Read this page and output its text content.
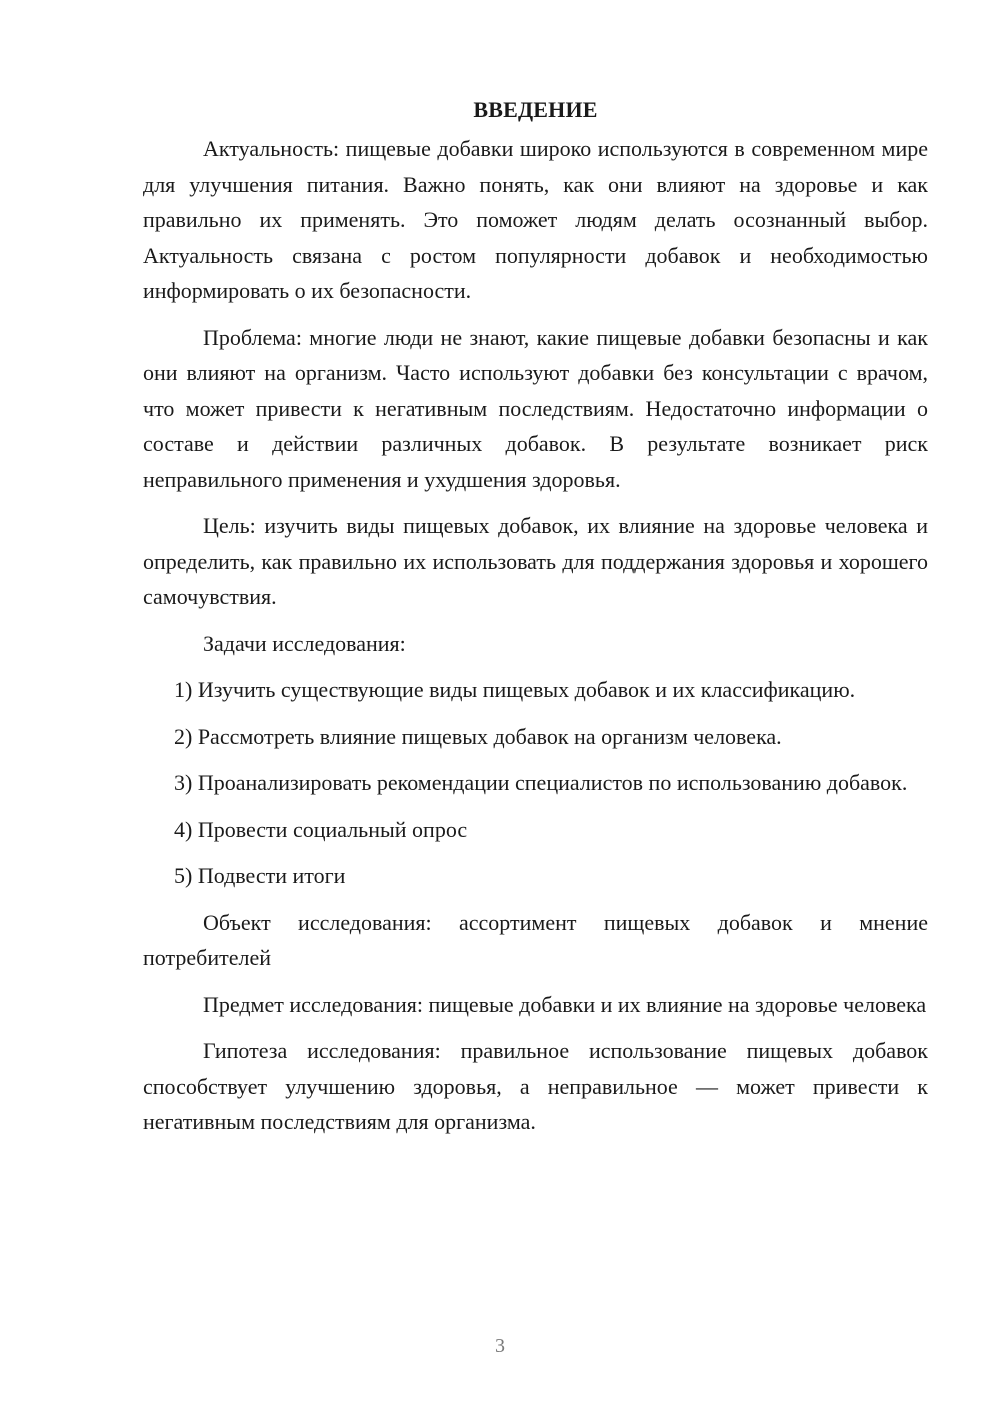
ВВЕДЕНИЕ

Актуальность: пищевые добавки широко используются в современном мире для улучшения питания. Важно понять, как они влияют на здоровье и как правильно их применять. Это поможет людям делать осознанный выбор. Актуальность связана с ростом популярности добавок и необходимостью информировать о их безопасности.

Проблема: многие люди не знают, какие пищевые добавки безопасны и как они влияют на организм. Часто используют добавки без консультации с врачом, что может привести к негативным последствиям. Недостаточно информации о составе и действии различных добавок. В результате возникает риск неправильного применения и ухудшения здоровья.

Цель: изучить виды пищевых добавок, их влияние на здоровье человека и определить, как правильно их использовать для поддержания здоровья и хорошего самочувствия.

Задачи исследования:

1) Изучить существующие виды пищевых добавок и их классификацию.

2) Рассмотреть влияние пищевых добавок на организм человека.

3) Проанализировать рекомендации специалистов по использованию добавок.

4) Провести социальный опрос

5) Подвести итоги

Объект исследования: ассортимент пищевых добавок и мнение потребителей

Предмет исследования: пищевые добавки и их влияние на здоровье человека

Гипотеза исследования: правильное использование пищевых добавок способствует улучшению здоровья, а неправильное — может привести к негативным последствиям для организма.

3
